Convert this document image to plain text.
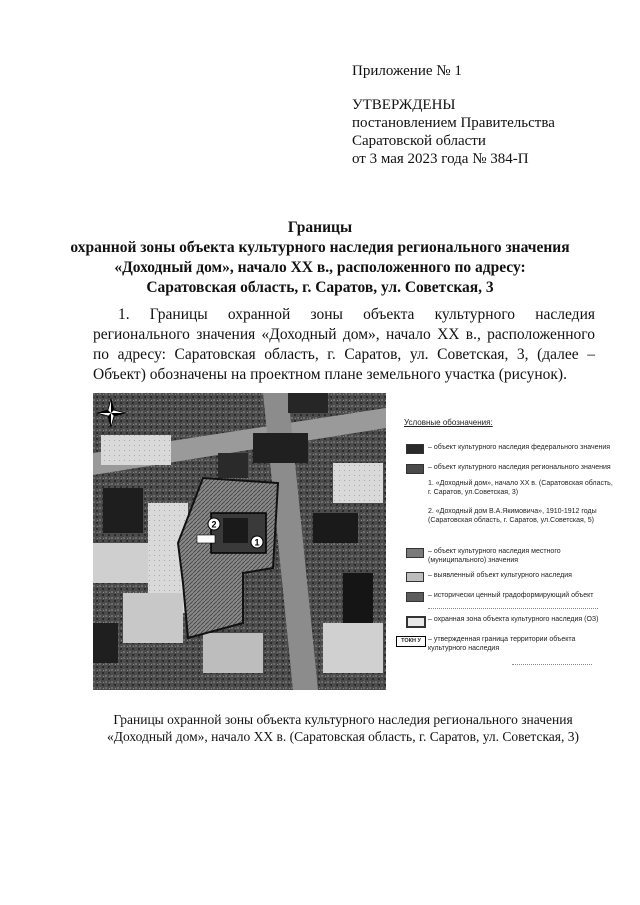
Приложение № 1
УТВЕРЖДЕНЫ
постановлением Правительства
Саратовской области
от 3 мая 2023 года № 384-П
Границы
охранной зоны объекта культурного наследия регионального значения
«Доходный дом», начало XX в., расположенного по адресу:
Саратовская область, г. Саратов, ул. Советская, 3
1. Границы охранной зоны объекта культурного наследия регионального значения «Доходный дом», начало XX в., расположенного по адресу: Саратовская область, г. Саратов, ул. Советская, 3, (далее – Объект) обозначены на проектном плане земельного участка (рисунок).
1
2
Условные обозначения:
– объект культурного наследия федерального значения
– объект культурного наследия регионального значения
1. «Доходный дом», начало XX в. (Саратовская область, г. Саратов, ул.Советская, 3)
2. «Доходный дом В.А.Якимовича», 1910-1912 годы (Саратовская область, г. Саратов, ул.Советская, 5)
– объект культурного наследия местного (муниципального) значения
– выявленный объект культурного наследия
– исторически ценный градоформирующий объект
– охранная зона объекта культурного наследия (ОЗ)
ТОКН У	– утвержденная граница территории объекта культурного наследия
Границы охранной зоны объекта культурного наследия регионального значения
«Доходный дом», начало XX в. (Саратовская область, г. Саратов, ул. Советская, 3)
